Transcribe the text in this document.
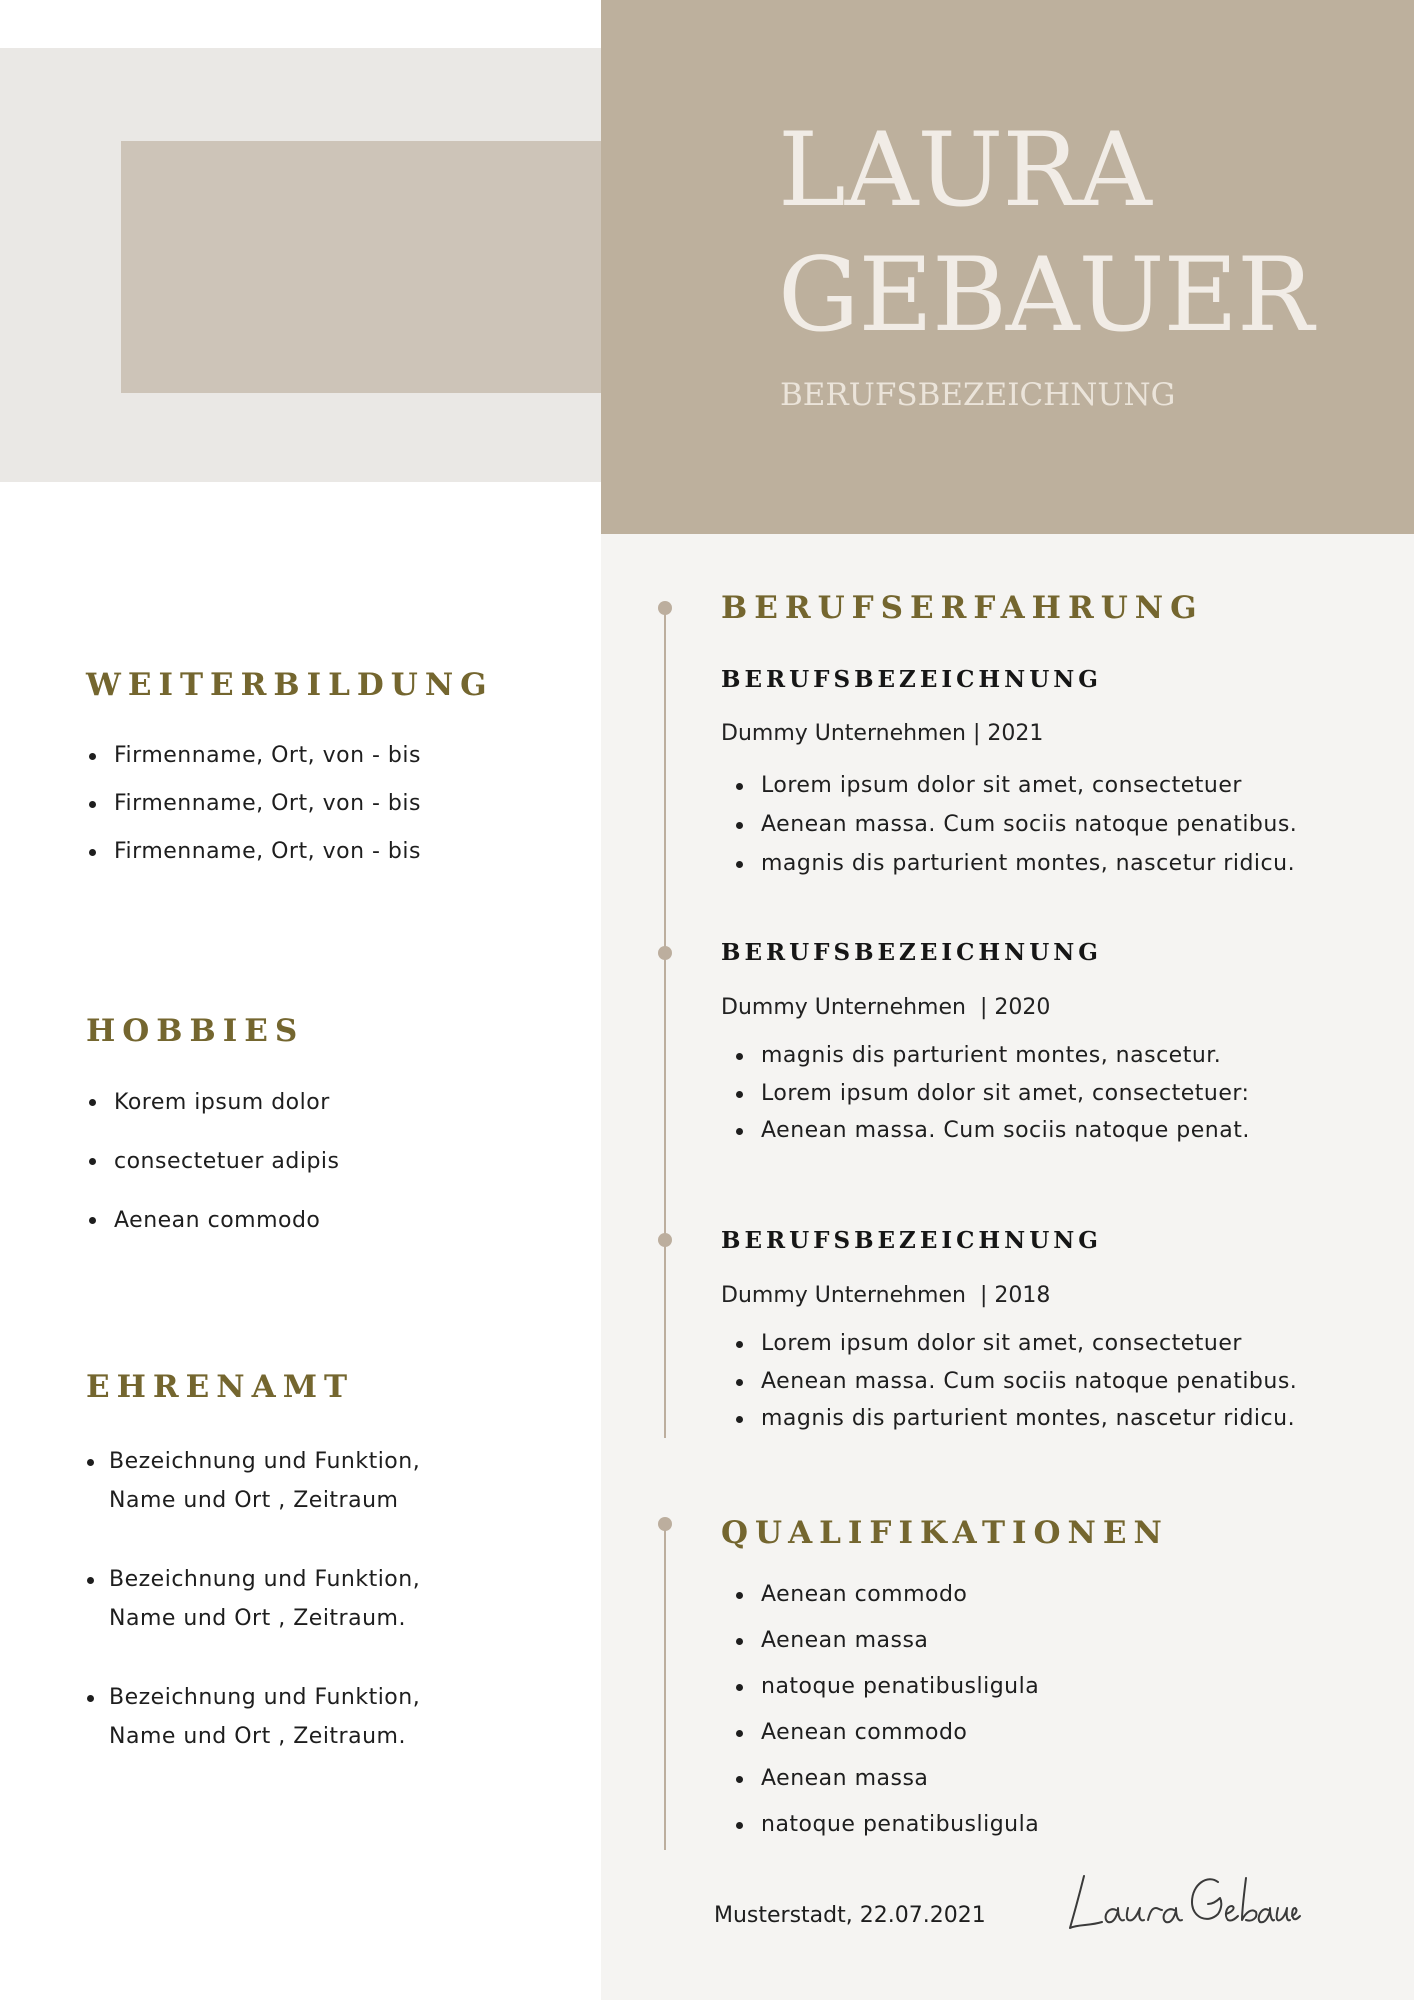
LAURA
GEBAUER
BERUFSBEZEICHNUNG
WEITERBILDUNG
Firmenname, Ort, von - bis
Firmenname, Ort, von - bis
Firmenname, Ort, von - bis
HOBBIES
Korem ipsum dolor
consectetuer adipis
Aenean commodo
EHRENAMT
Bezeichnung und Funktion,
Name und Ort , Zeitraum
Bezeichnung und Funktion,
Name und Ort , Zeitraum.
Bezeichnung und Funktion,
Name und Ort , Zeitraum.
BERUFSERFAHRUNG
BERUFSBEZEICHNUNG
Dummy Unternehmen | 2021
Lorem ipsum dolor sit amet, consectetuer
Aenean massa. Cum sociis natoque penatibus.
magnis dis parturient montes, nascetur ridicu.
BERUFSBEZEICHNUNG
Dummy Unternehmen  | 2020
magnis dis parturient montes, nascetur.
Lorem ipsum dolor sit amet, consectetuer:
Aenean massa. Cum sociis natoque penat.
BERUFSBEZEICHNUNG
Dummy Unternehmen  | 2018
Lorem ipsum dolor sit amet, consectetuer
Aenean massa. Cum sociis natoque penatibus.
magnis dis parturient montes, nascetur ridicu.
QUALIFIKATIONEN
Aenean commodo
Aenean massa
natoque penatibusligula
Aenean commodo
Aenean massa
natoque penatibusligula
Musterstadt, 22.07.2021
